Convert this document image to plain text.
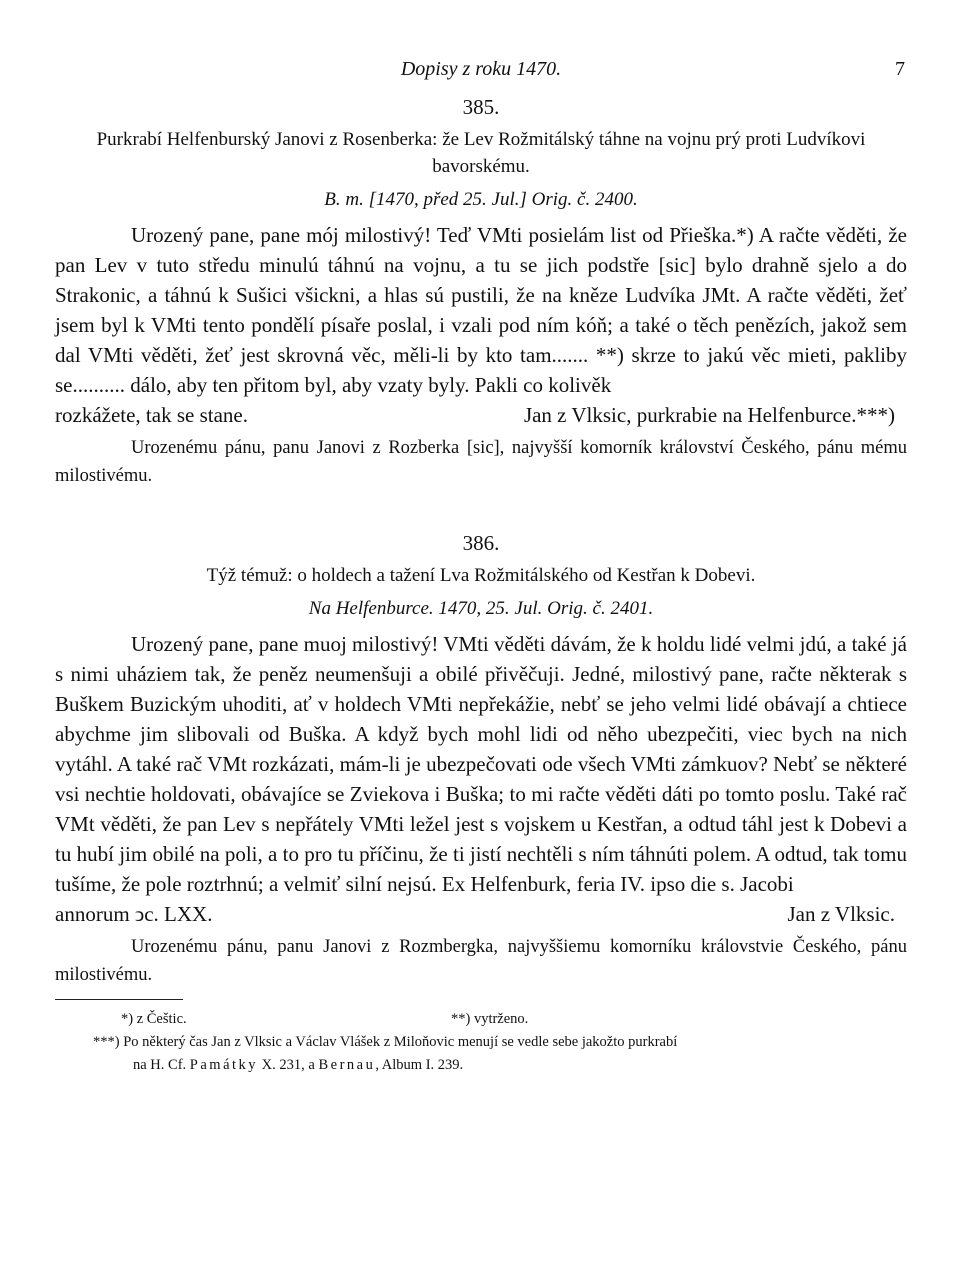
Dopisy z roku 1470.	7
385.

Purkrabí Helfenburský Janovi z Rosenberka: že Lev Rožmitálský táhne na vojnu prý proti Ludvíkovi bavorskému.

B. m. [1470, před 25. Jul.] Orig. č. 2400.

Urozený pane, pane mój milostivý! Teď VMti posielám list od Přieška.*) A račte věděti, že pan Lev v tuto středu minulú táhnú na vojnu, a tu se jich podstře [sic] bylo drahně sjelo a do Strakonic, a táhnú k Sušici všickni, a hlas sú pustili, že na kněze Ludvíka JMt. A račte věděti, žeť jsem byl k VMti tento pondělí písaře poslal, i vzali pod ním kóň; a také o těch penězích, jakož sem dal VMti věděti, žeť jest skrovná věc, měli-li by kto tam....... **) skrze to jakú věc mieti, pakliby se.......... dálo, aby ten přitom byl, aby vzaty byly. Pakli co kolivěk

rozkážete, tak se stane.	Jan z Vlksic, purkrabie na Helfenburce.***)

Urozenému pánu, panu Janovi z Rozberka [sic], najvyšší komorník království Českého, pánu mému milostivému.

386.

Týž témuž: o holdech a tažení Lva Rožmitálského od Kestřan k Dobevi.

Na Helfenburce. 1470, 25. Jul. Orig. č. 2401.

Urozený pane, pane muoj milostivý! VMti věděti dávám, že k holdu lidé velmi jdú, a také já s nimi uháziem tak, že peněz neumenšuji a obilé přivěčuji. Jedné, milostivý pane, račte některak s Buškem Buzickým uhoditi, ať v holdech VMti nepřekážie, nebť se jeho velmi lidé obávají a chtiece abychme jim slibovali od Buška. A když bych mohl lidi od něho ubezpečiti, viec bych na nich vytáhl. A také rač VMt rozkázati, mám-li je ubezpečovati ode všech VMti zámkuov? Nebť se některé vsi nechtie holdovati, obávajíce se Zviekova i Buška; to mi račte věděti dáti po tomto poslu. Také rač VMt věděti, že pan Lev s nepřátely VMti ležel jest s vojskem u Kestřan, a odtud táhl jest k Dobevi a tu hubí jim obilé na poli, a to pro tu příčinu, že ti jistí nechtěli s ním táhnúti polem. A odtud, tak tomu tušíme, že pole roztrhnú; a velmiť silní nejsú. Ex Helfenburk, feria IV. ipso die s. Jacobi

annorum ↄc. LXX.	Jan z Vlksic.

Urozenému pánu, panu Janovi z Rozmbergka, najvyššiemu komorníku královstvie Českého, pánu milostivému.

*) z Češtic.	**) vytrženo.
***) Po některý čas Jan z Vlksic a Václav Vlášek z Miloňovic menují se vedle sebe jakožto purkrabí
na H. Cf. Památky X. 231, a Bernau, Album I. 239.
